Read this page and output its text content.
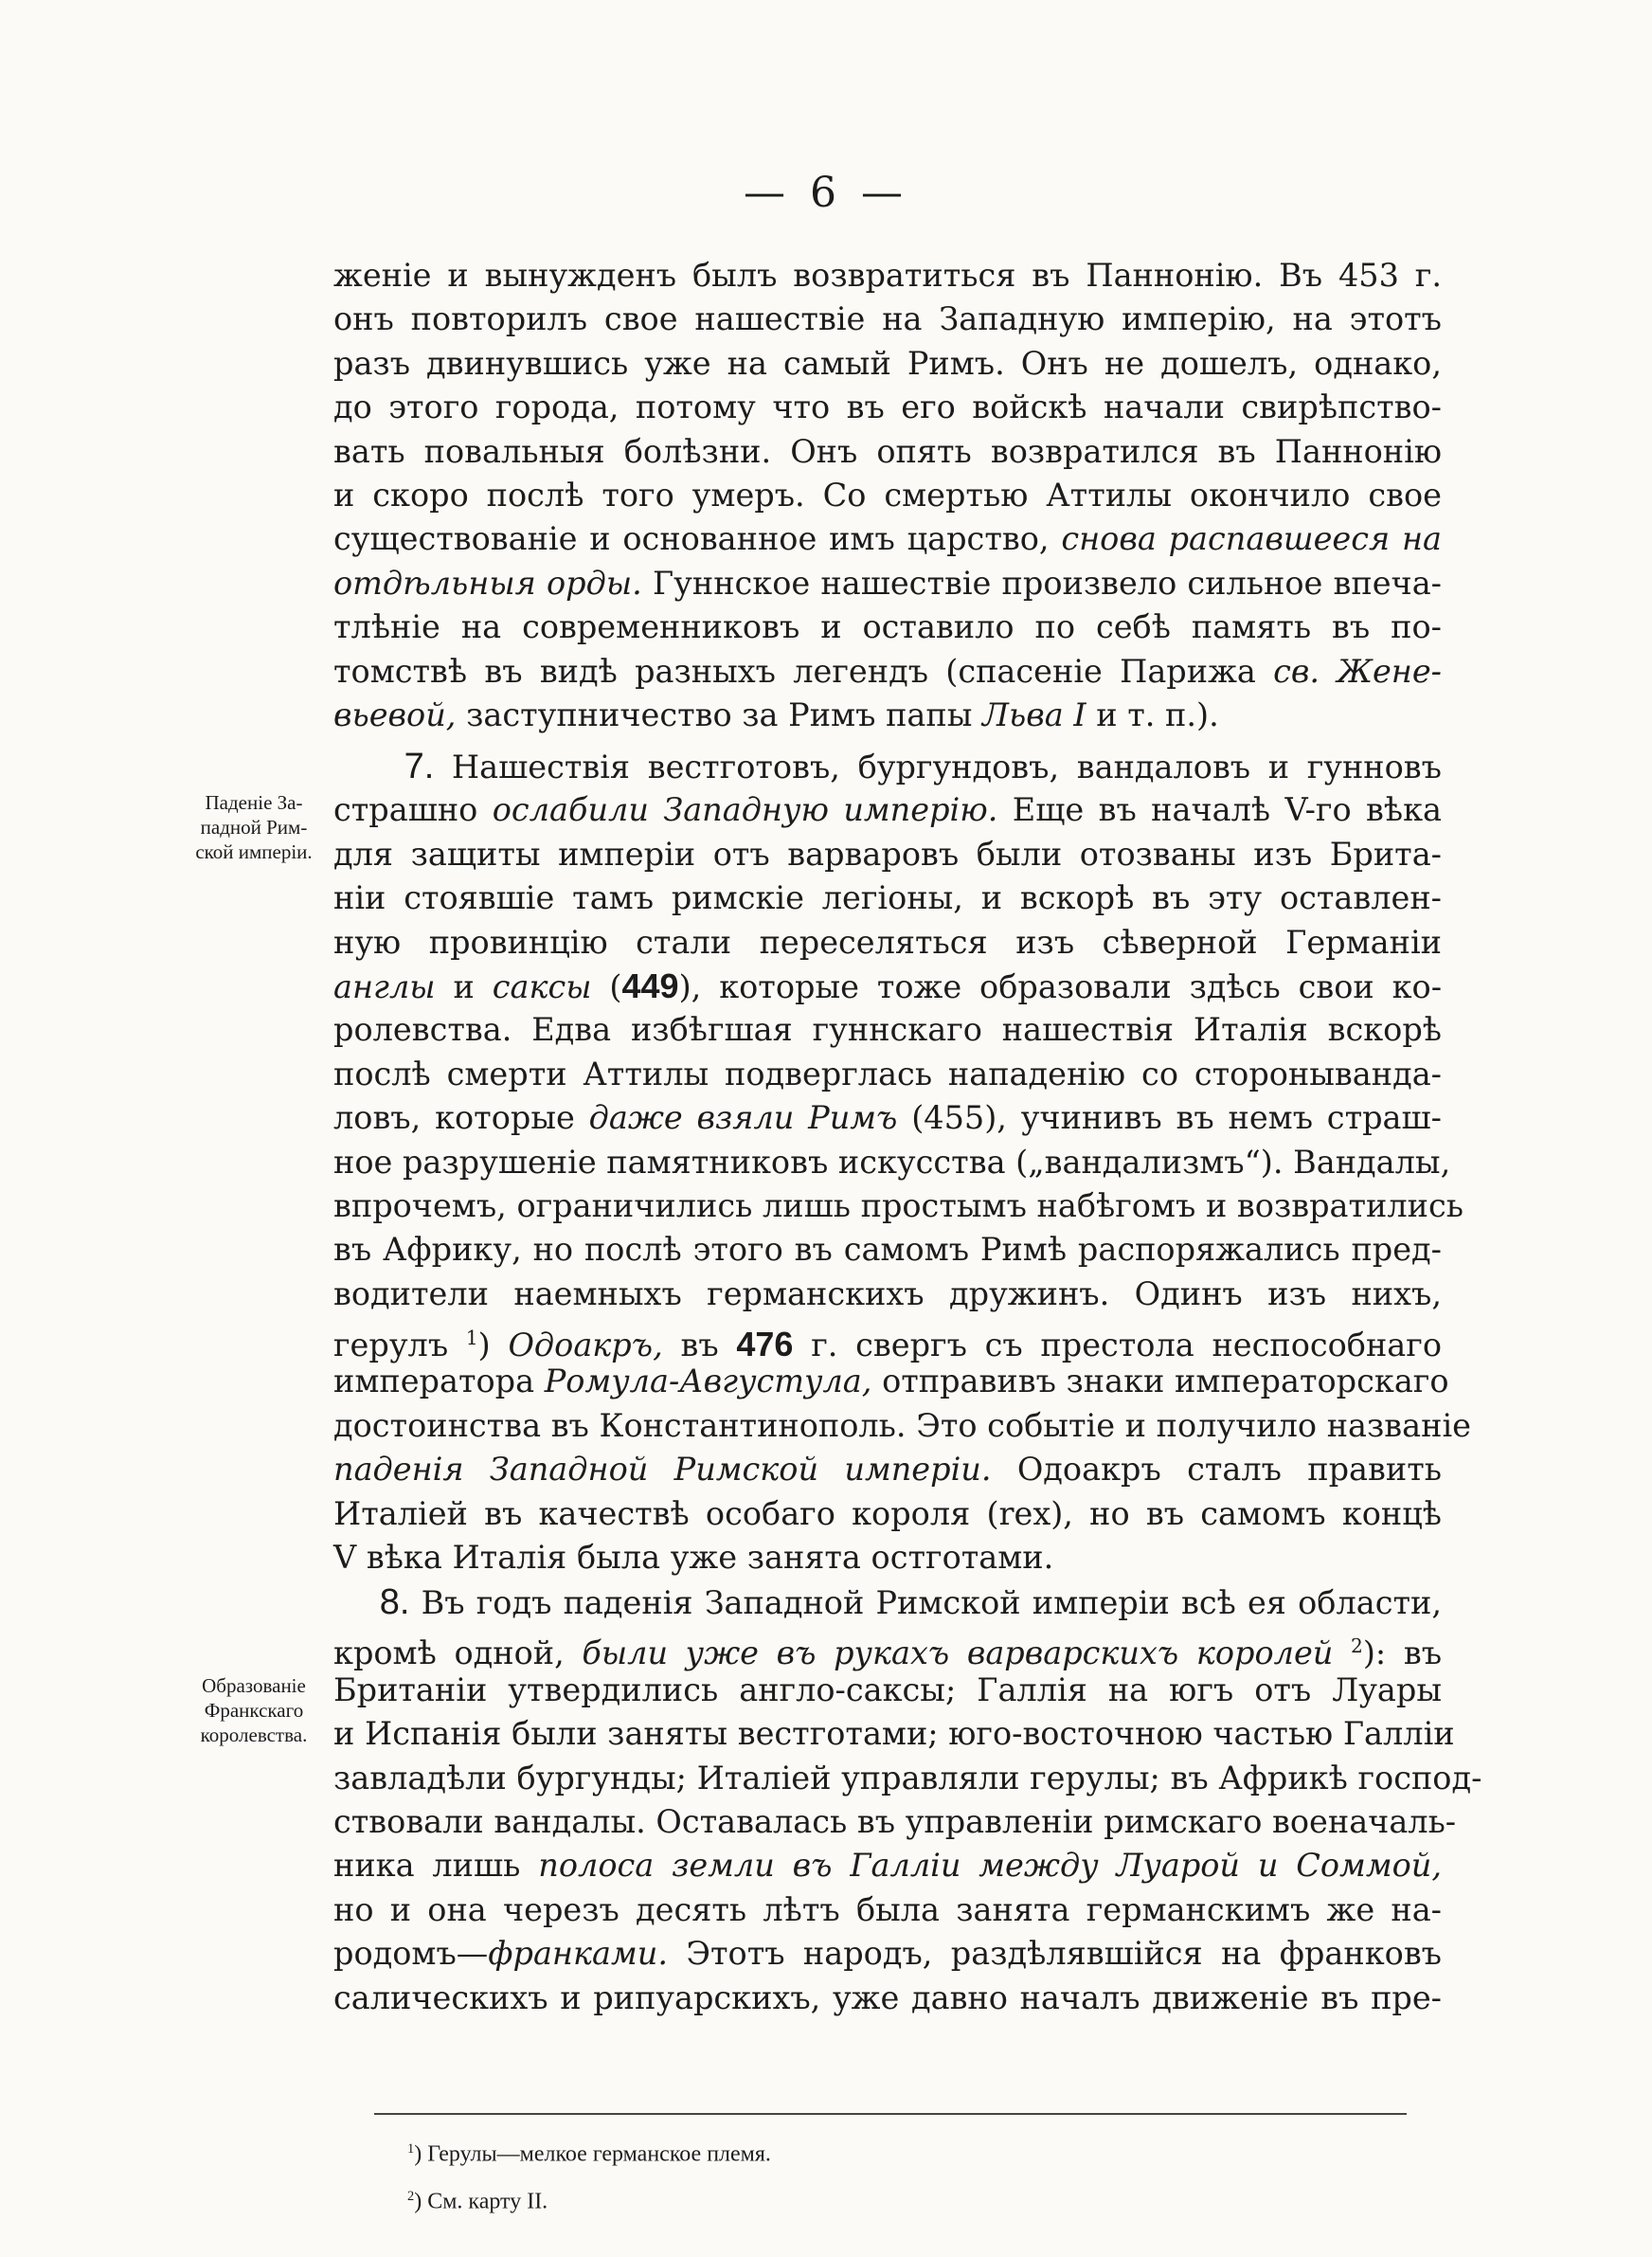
— 6 —
женіе и вынужденъ былъ возвратиться въ Паннонію. Въ 453 г.
онъ повторилъ свое нашествіе на Западную имперію, на этотъ
разъ двинувшись уже на самый Римъ. Онъ не дошелъ, однако,
до этого города, потому что въ его войскѣ начали свирѣпство-
вать повальныя болѣзни. Онъ опять возвратился въ Паннонію
и скоро послѣ того умеръ. Со смертью Аттилы окончило свое
существованіе и основанное имъ царство, снова распавшееся на
отдѣльныя орды. Гуннское нашествіе произвело сильное впеча-
тлѣніе на современниковъ и оставило по себѣ память въ по-
томствѣ въ видѣ разныхъ легендъ (спасеніе Парижа св. Жене-
вьевой, заступничество за Римъ папы Льва I и т. п.).
Паденіе За-
падной Рим-
ской имперіи.
7. Нашествія вестготовъ, бургундовъ, вандаловъ и гунновъ
страшно ослабили Западную имперію. Еще въ началѣ V-го вѣка
для защиты имперіи отъ варваровъ были отозваны изъ Брита-
ніи стоявшіе тамъ римскіе легіоны, и вскорѣ въ эту оставлен-
ную провинцію стали переселяться изъ сѣверной Германіи
англы и саксы (449), которые тоже образовали здѣсь свои ко-
ролевства. Едва избѣгшая гуннскаго нашествія Италія вскорѣ
послѣ смерти Аттилы подверглась нападенію со стороныванда-
ловъ, которые даже взяли Римъ (455), учинивъ въ немъ страш-
ное разрушеніе памятниковъ искусства („вандализмъ“). Вандалы,
впрочемъ, ограничились лишь простымъ набѣгомъ и возвратились
въ Африку, но послѣ этого въ самомъ Римѣ распоряжались пред-
водители наемныхъ германскихъ дружинъ. Одинъ изъ нихъ,
герулъ $^1$) Одоакръ, въ 476 г. свергъ съ престола неспособнаго
императора Ромула-Августула, отправивъ знаки императорскаго
достоинства въ Константинополь. Это событіе и получило названіе
паденія Западной Римской имперіи. Одоакръ сталъ править
Италіей въ качествѣ особаго короля (rex), но въ самомъ концѣ
V вѣка Италія была уже занята остготами.
Образованіе
Франкскаго
королевства.
8. Въ годъ паденія Западной Римской имперіи всѣ ея области,
кромѣ одной, были уже въ рукахъ варварскихъ королей $^2$): въ
Британіи утвердились англо-саксы; Галлія на югъ отъ Луары
и Испанія были заняты вестготами; юго-восточною частью Галліи
завладѣли бургунды; Италіей управляли герулы; въ Африкѣ господ-
ствовали вандалы. Оставалась въ управленіи римскаго военачаль-
ника лишь полоса земли въ Галліи между Луарой и Соммой,
но и она черезъ десять лѣтъ была занята германскимъ же на-
родомъ—франками. Этотъ народъ, раздѣлявшійся на франковъ
салическихъ и рипуарскихъ, уже давно началъ движеніе въ пре-
$^1$) Герулы—мелкое германское племя.
$^2$) См. карту II.
